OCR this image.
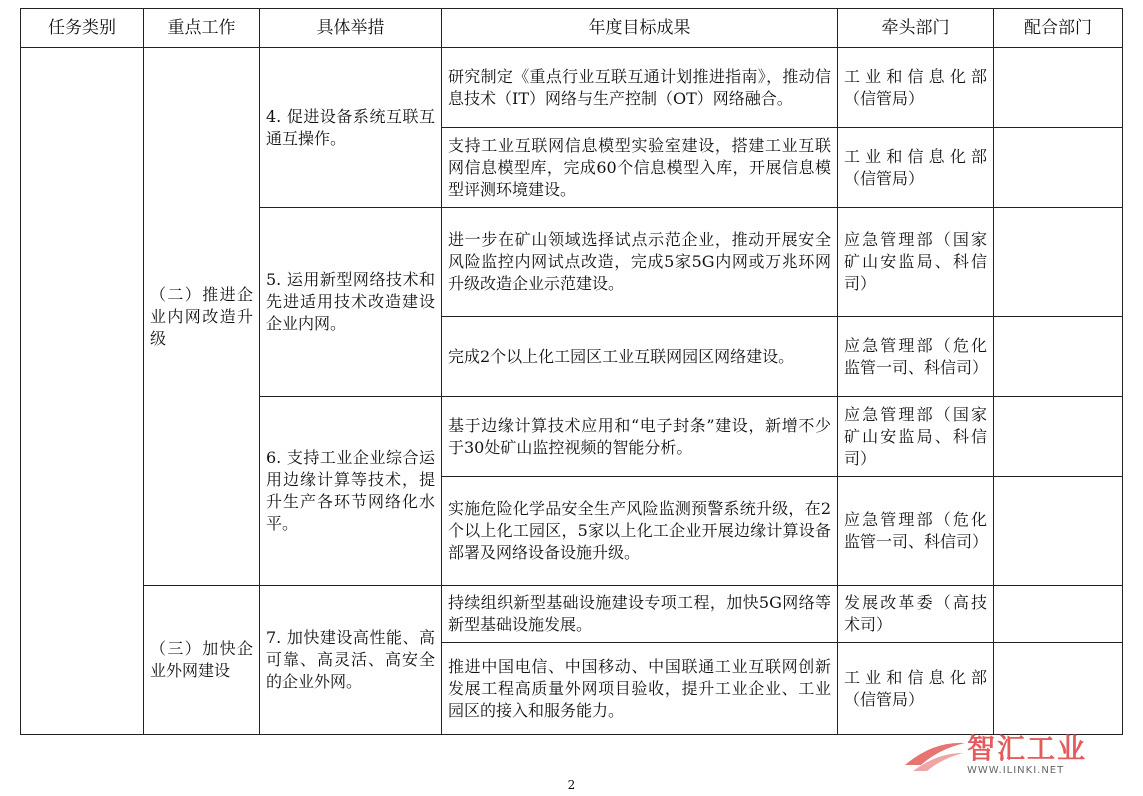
任务类别	重点工作	具体举措	年度目标成果	牵头部门	配合部门
	（二）推进企业内网改造升级	4. 促进设备系统互联互通互操作。	研究制定《重点行业互联互通计划推进指南》，推动信息技术（IT）网络与生产控制（OT）网络融合。	工业和信息化部（信管局）	
			支持工业互联网信息模型实验室建设，搭建工业互联网信息模型库，完成60个信息模型入库，开展信息模型评测环境建设。	工业和信息化部（信管局）	
		5. 运用新型网络技术和先进适用技术改造建设企业内网。	进一步在矿山领域选择试点示范企业，推动开展安全风险监控内网试点改造，完成5家5G内网或万兆环网升级改造企业示范建设。	应急管理部（国家矿山安监局、科信司）	
			完成2个以上化工园区工业互联网园区网络建设。	应急管理部（危化监管一司、科信司）	
		6. 支持工业企业综合运用边缘计算等技术，提升生产各环节网络化水平。	基于边缘计算技术应用和“电子封条”建设，新增不少于30处矿山监控视频的智能分析。	应急管理部（国家矿山安监局、科信司）	
			实施危险化学品安全生产风险监测预警系统升级，在2个以上化工园区，5家以上化工企业开展边缘计算设备部署及网络设备设施升级。	应急管理部（危化监管一司、科信司）	
	（三）加快企业外网建设	7. 加快建设高性能、高可靠、高灵活、高安全的企业外网。	持续组织新型基础设施建设专项工程，加快5G网络等新型基础设施发展。	发展改革委（高技术司）	
			推进中国电信、中国移动、中国联通工业互联网创新发展工程高质量外网项目验收，提升工业企业、工业园区的接入和服务能力。	工业和信息化部（信管局）	
2
智汇工业
WWW.ILINKI.NET
